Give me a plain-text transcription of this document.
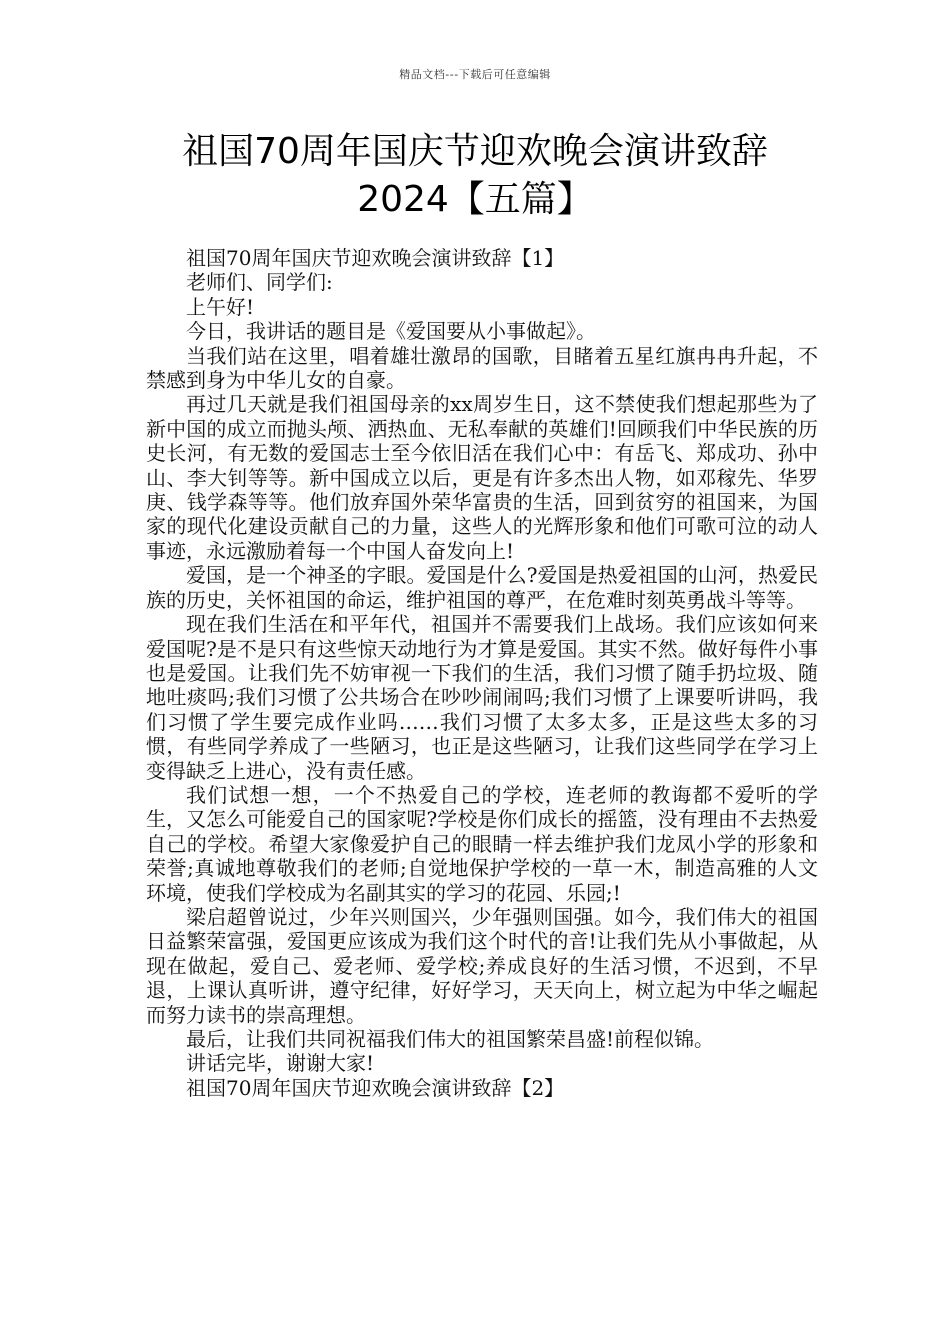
精品文档---下载后可任意编辑
祖国70周年国庆节迎欢晚会演讲致辞
2024【五篇】

祖国70周年国庆节迎欢晚会演讲致辞【1】

老师们、同学们:

上午好!

今日，我讲话的题目是《爱国要从小事做起》。

当我们站在这里，唱着雄壮激昂的国歌，目睹着五星红旗冉冉升起，不禁感到身为中华儿女的自豪。

再过几天就是我们祖国母亲的xx周岁生日，这不禁使我们想起那些为了新中国的成立而抛头颅、洒热血、无私奉献的英雄们!回顾我们中华民族的历史长河，有无数的爱国志士至今依旧活在我们心中：有岳飞、郑成功、孙中山、李大钊等等。新中国成立以后，更是有许多杰出人物，如邓稼先、华罗庚、钱学森等等。他们放弃国外荣华富贵的生活，回到贫穷的祖国来，为国家的现代化建设贡献自己的力量，这些人的光辉形象和他们可歌可泣的动人事迹，永远激励着每一个中国人奋发向上!

爱国，是一个神圣的字眼。爱国是什么?爱国是热爱祖国的山河，热爱民族的历史，关怀祖国的命运，维护祖国的尊严，在危难时刻英勇战斗等等。

现在我们生活在和平年代，祖国并不需要我们上战场。我们应该如何来爱国呢?是不是只有这些惊天动地行为才算是爱国。其实不然。做好每件小事也是爱国。让我们先不妨审视一下我们的生活，我们习惯了随手扔垃圾、随地吐痰吗;我们习惯了公共场合在吵吵闹闹吗;我们习惯了上课要听讲吗，我们习惯了学生要完成作业吗……我们习惯了太多太多，正是这些太多的习惯，有些同学养成了一些陋习，也正是这些陋习，让我们这些同学在学习上变得缺乏上进心，没有责任感。

我们试想一想，一个不热爱自己的学校，连老师的教诲都不爱听的学生，又怎么可能爱自己的国家呢?学校是你们成长的摇篮，没有理由不去热爱自己的学校。希望大家像爱护自己的眼睛一样去维护我们龙凤小学的形象和荣誉;真诚地尊敬我们的老师;自觉地保护学校的一草一木，制造高雅的人文环境，使我们学校成为名副其实的学习的花园、乐园;!

梁启超曾说过，少年兴则国兴，少年强则国强。如今，我们伟大的祖国日益繁荣富强，爱国更应该成为我们这个时代的音!让我们先从小事做起，从现在做起，爱自己、爱老师、爱学校;养成良好的生活习惯，不迟到，不早退，上课认真听讲，遵守纪律，好好学习，天天向上，树立起为中华之崛起而努力读书的崇高理想。

最后，让我们共同祝福我们伟大的祖国繁荣昌盛!前程似锦。

讲话完毕，谢谢大家!

祖国70周年国庆节迎欢晚会演讲致辞【2】
